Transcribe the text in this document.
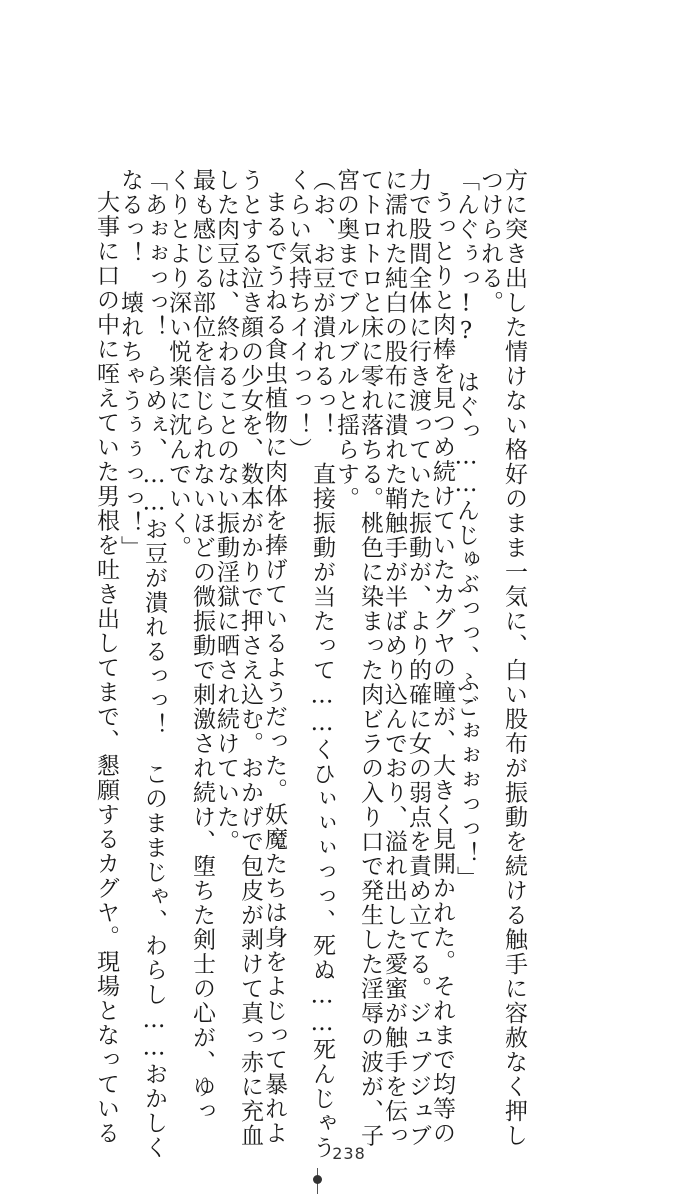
方に突き出した情けない格好のまま一気に、白い股布が振動を続ける触手に容赦なく押し
つけられる。
「んぐぅっ!?　はぐっ……んじゅぶっっ、ふごぉぉぉっっ！」
うっとりと肉棒を見つめ続けていたカグヤの瞳が、大きく見開かれた。それまで均等の
力で股間全体に行き渡っていた振動が、より的確に女の弱点を責め立てる。ジュブジュブ
に濡れた純白の股布に潰れた鞘触手が半ばめり込んでおり、溢れ出した愛蜜が触手を伝っ
てトロトロと床に零れ落ちる。桃色に染まった肉ビラの入り口で発生した淫辱の波が、子
宮の奥までブルブルと揺らす。
（お、お豆が潰れるっ！　直接振動が当たって……くひぃぃぃっっ、死ぬ……死んじゃう
くらい気持ちイイっっ！）
まるでうねる食虫植物に肉体を捧げているようだった。妖魔たちは身をよじって暴れよ
うとする泣き顔の少女を、数本がかりで押さえ込む。おかげで包皮が剥けて真っ赤に充血
した肉豆は、終わることのない振動淫獄に晒され続けていた。
最も感じる部位を信じられないほどの微振動で刺激され続け、堕ちた剣士の心が、ゆっ
くりとより深い悦楽に沈んでいく。
「あぉぉっっ！　らめぇ、……お豆が潰れるっっ！　このままじゃ、わらし……おかしく
なるっ！　壊れちゃうぅぅっっ！」
大事に口の中に咥えていた男根を吐き出してまで、懇願するカグヤ。現場となっている
238
